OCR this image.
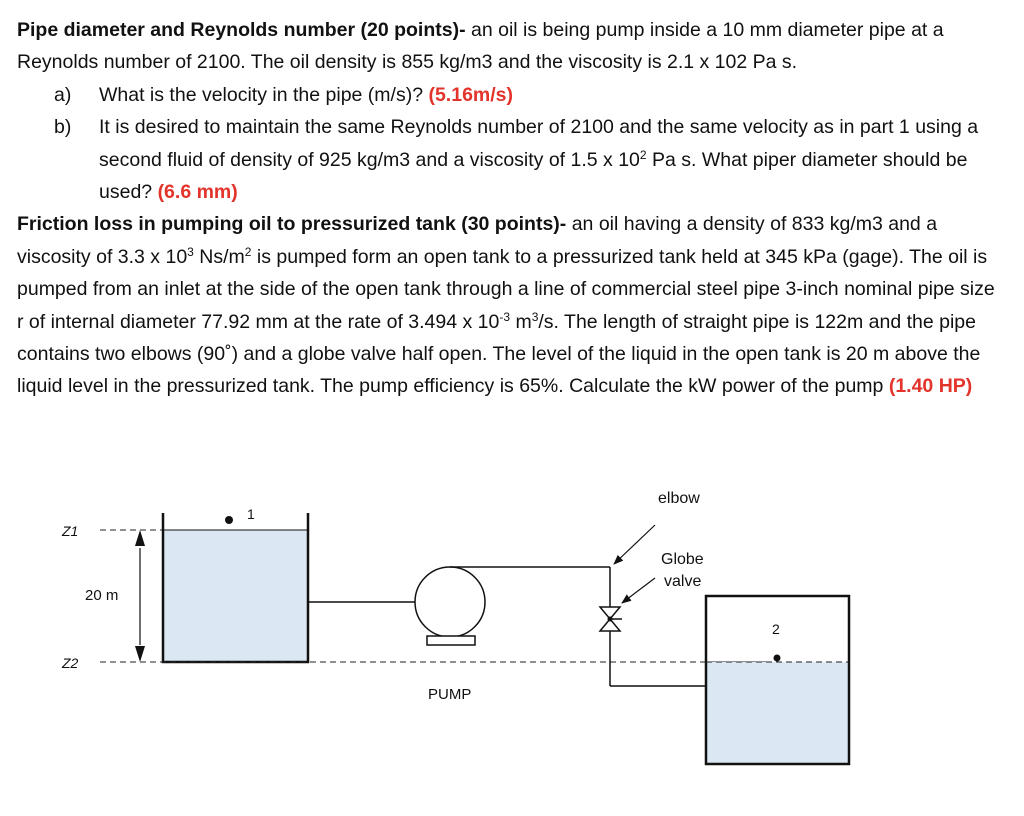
Pipe diameter and Reynolds number (20 points)- an oil is being pump inside a 10 mm diameter pipe at a Reynolds number of 2100. The oil density is 855 kg/m3 and the viscosity is 2.1 x 102 Pa s.

a) What is the velocity in the pipe (m/s)? (5.16m/s)

b) It is desired to maintain the same Reynolds number of 2100 and the same velocity as in part 1 using a second fluid of density of 925 kg/m3 and a viscosity of 1.5 x $10^2$ Pa s. What piper diameter should be used? (6.6 mm)

Friction loss in pumping oil to pressurized tank (30 points)- an oil having a density of 833 kg/m3 and a viscosity of 3.3 x $10^3$ $Ns/m^2$ is pumped form an open tank to a pressurized tank held at 345 kPa (gage). The oil is pumped from an inlet at the side of the open tank through a line of commercial steel pipe 3-inch nominal pipe size r of internal diameter 77.92 mm at the rate of 3.494 x $10^{-3}$ $m^3/s$. The length of straight pipe is 122m and the pipe contains two elbows (90˚) and a globe valve half open. The level of the liquid in the open tank is 20 m above the liquid level in the pressurized tank. The pump efficiency is 65%. Calculate the kW power of the pump (1.40 HP)

1
Z1
Z2
20 m
PUMP
elbow
Globe
valve
2
